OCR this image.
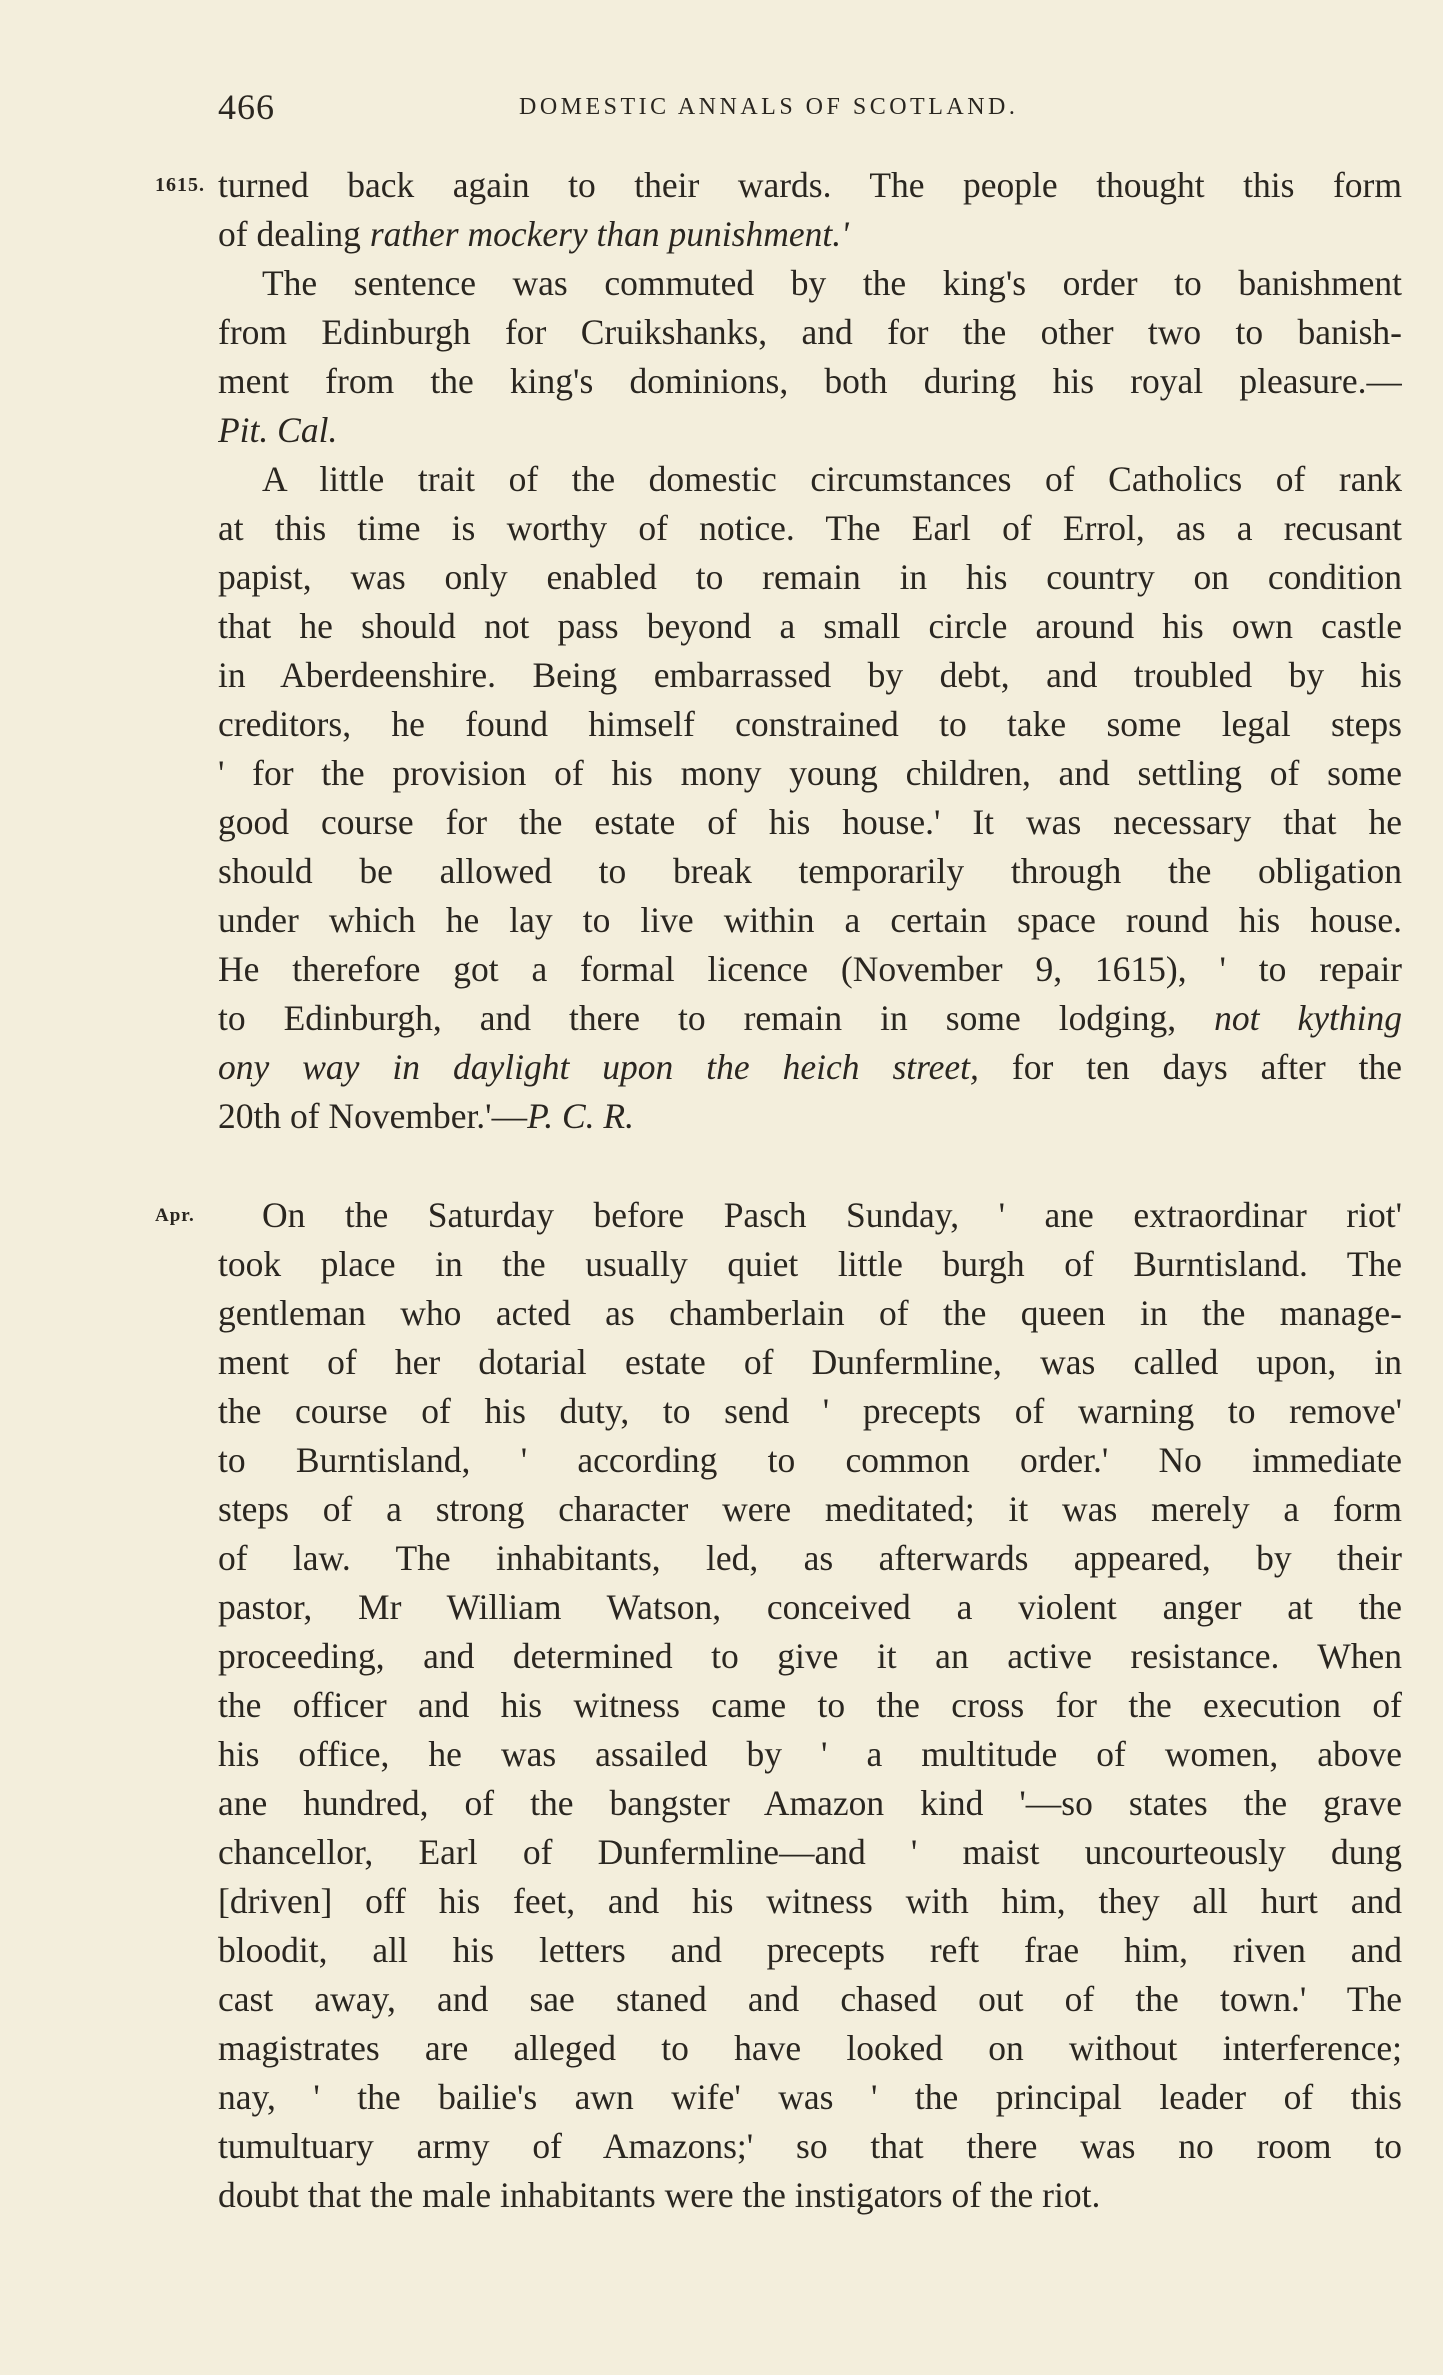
466	DOMESTIC ANNALS OF SCOTLAND.
1615. turned back again to their wards. The people thought this form
of dealing rather mockery than punishment.'
The sentence was commuted by the king's order to banishment
from Edinburgh for Cruikshanks, and for the other two to banish-
ment from the king's dominions, both during his royal pleasure.—
Pit. Cal.
A little trait of the domestic circumstances of Catholics of rank
at this time is worthy of notice. The Earl of Errol, as a recusant
papist, was only enabled to remain in his country on condition
that he should not pass beyond a small circle around his own castle
in Aberdeenshire. Being embarrassed by debt, and troubled by his
creditors, he found himself constrained to take some legal steps
' for the provision of his mony young children, and settling of some
good course for the estate of his house.' It was necessary that he
should be allowed to break temporarily through the obligation
under which he lay to live within a certain space round his house.
He therefore got a formal licence (November 9, 1615), ' to repair
to Edinburgh, and there to remain in some lodging, not kything
ony way in daylight upon the heich street, for ten days after the
20th of November.'—P. C. R.
Apr. On the Saturday before Pasch Sunday, ' ane extraordinar riot'
took place in the usually quiet little burgh of Burntisland. The
gentleman who acted as chamberlain of the queen in the manage-
ment of her dotarial estate of Dunfermline, was called upon, in
the course of his duty, to send ' precepts of warning to remove'
to Burntisland, ' according to common order.' No immediate
steps of a strong character were meditated; it was merely a form
of law. The inhabitants, led, as afterwards appeared, by their
pastor, Mr William Watson, conceived a violent anger at the
proceeding, and determined to give it an active resistance. When
the officer and his witness came to the cross for the execution of
his office, he was assailed by ' a multitude of women, above
ane hundred, of the bangster Amazon kind '—so states the grave
chancellor, Earl of Dunfermline—and ' maist uncourteously dung
[driven] off his feet, and his witness with him, they all hurt and
bloodit, all his letters and precepts reft frae him, riven and
cast away, and sae staned and chased out of the town.' The
magistrates are alleged to have looked on without interference;
nay, ' the bailie's awn wife' was ' the principal leader of this
tumultuary army of Amazons;' so that there was no room to
doubt that the male inhabitants were the instigators of the riot.
